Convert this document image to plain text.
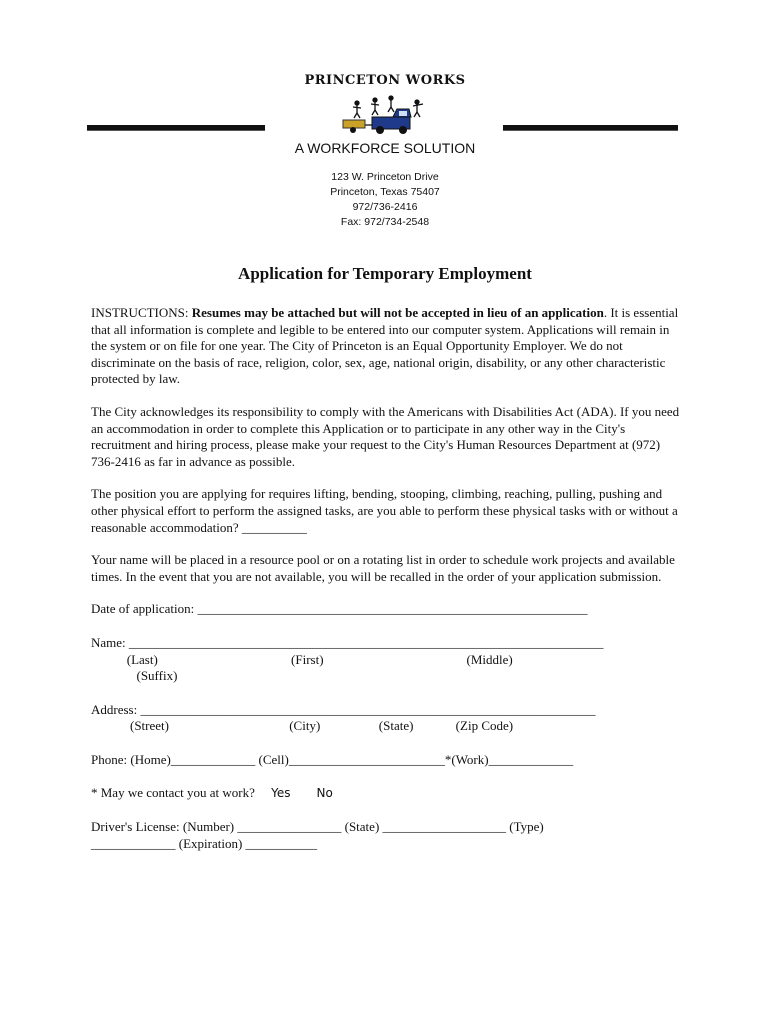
PRINCETON WORKS
A WORKFORCE SOLUTION
123 W. Princeton Drive
Princeton, Texas 75407
972/736-2416
Fax: 972/734-2548
Application for Temporary Employment

INSTRUCTIONS: Resumes may be attached but will not be accepted in lieu of an application. It is essential that all information is complete and legible to be entered into our computer system. Applications will remain in the system or on file for one year. The City of Princeton is an Equal Opportunity Employer. We do not discriminate on the basis of race, religion, color, sex, age, national origin, disability, or any other characteristic protected by law.

The City acknowledges its responsibility to comply with the Americans with Disabilities Act (ADA). If you need an accommodation in order to complete this Application or to participate in any other way in the City's recruitment and hiring process, please make your request to the City's Human Resources Department at (972) 736-2416 as far in advance as possible.

The position you are applying for requires lifting, bending, stooping, climbing, reaching, pulling, pushing and other physical effort to perform the assigned tasks, are you able to perform these physical tasks with or without a reasonable accommodation? __________

Your name will be placed in a resource pool or on a rotating list in order to schedule work projects and available times. In the event that you are not available, you will be recalled in the order of your application submission.

Date of application: ____________________________________________________________
Name: _________________________________________________________________________
(Last)                                         (First)                                            (Middle)
(Suffix)
Address: ______________________________________________________________________
(Street)                                     (City)                  (State)             (Zip Code)
Phone: (Home)_____________ (Cell)________________________*(Work)_____________
* May we contact you at work? Yes No
Driver's License: (Number) ________________ (State) ___________________ (Type)
_____________ (Expiration) ___________
